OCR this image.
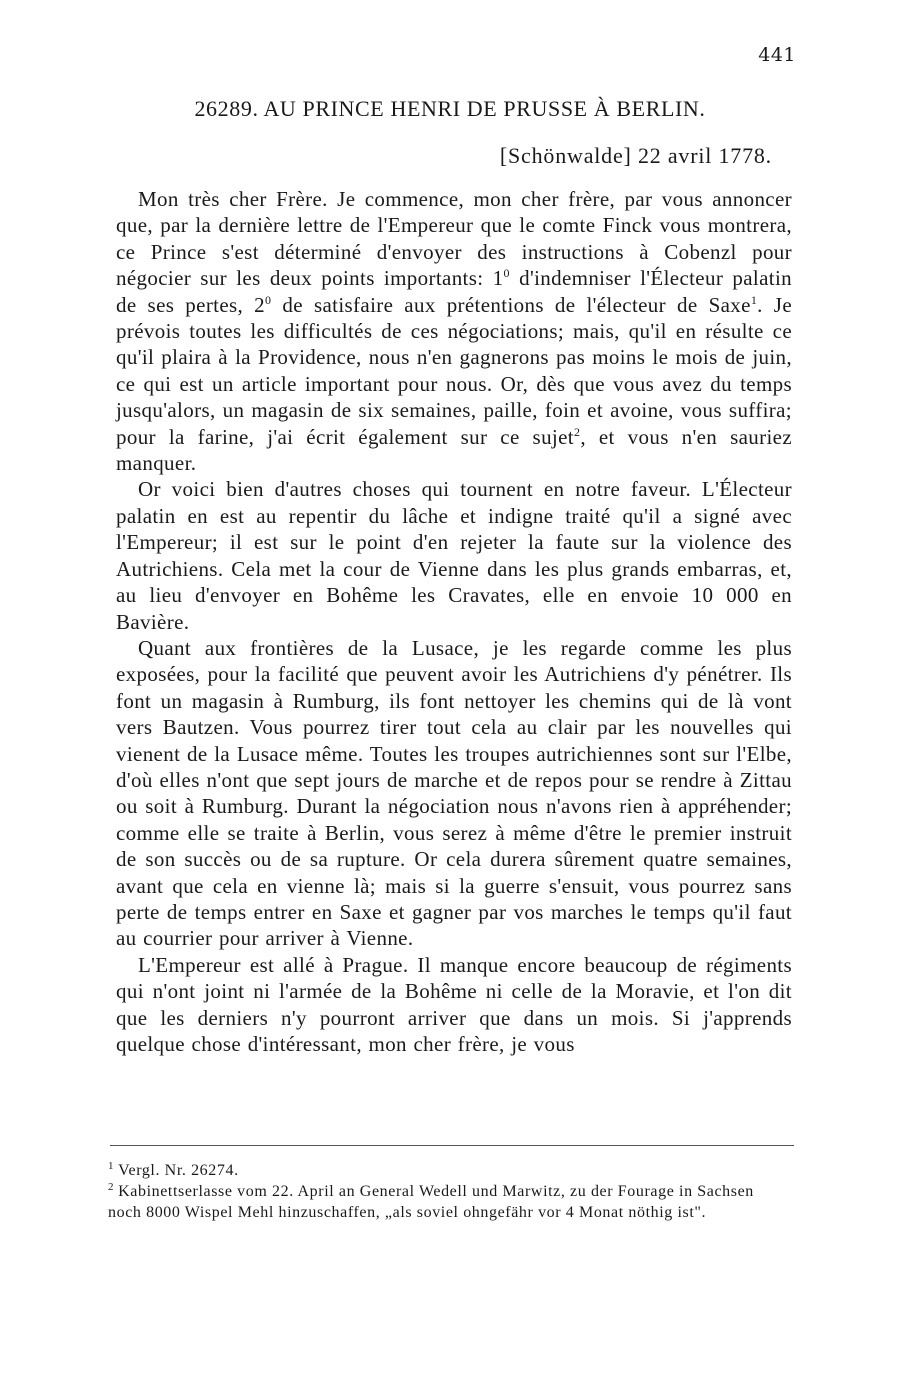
441
26289. AU PRINCE HENRI DE PRUSSE À BERLIN.
[Schönwalde] 22 avril 1778.

Mon très cher Frère. Je commence, mon cher frère, par vous annoncer que, par la dernière lettre de l'Empereur que le comte Finck vous montrera, ce Prince s'est déterminé d'envoyer des instructions à Cobenzl pour négocier sur les deux points importants: $1^0$ d'indemniser l'Électeur palatin de ses pertes, $2^0$ de satisfaire aux prétentions de l'électeur de Saxe$^1$. Je prévois toutes les difficultés de ces négociations; mais, qu'il en résulte ce qu'il plaira à la Providence, nous n'en gagnerons pas moins le mois de juin, ce qui est un article important pour nous. Or, dès que vous avez du temps jusqu'alors, un magasin de six semaines, paille, foin et avoine, vous suffira; pour la farine, j'ai écrit également sur ce sujet$^2$, et vous n'en sauriez manquer.

Or voici bien d'autres choses qui tournent en notre faveur. L'Électeur palatin en est au repentir du lâche et indigne traité qu'il a signé avec l'Empereur; il est sur le point d'en rejeter la faute sur la violence des Autrichiens. Cela met la cour de Vienne dans les plus grands embarras, et, au lieu d'envoyer en Bohême les Cravates, elle en envoie 10 000 en Bavière.

Quant aux frontières de la Lusace, je les regarde comme les plus exposées, pour la facilité que peuvent avoir les Autrichiens d'y pénétrer. Ils font un magasin à Rumburg, ils font nettoyer les chemins qui de là vont vers Bautzen. Vous pourrez tirer tout cela au clair par les nouvelles qui vienent de la Lusace même. Toutes les troupes autrichiennes sont sur l'Elbe, d'où elles n'ont que sept jours de marche et de repos pour se rendre à Zittau ou soit à Rumburg. Durant la négociation nous n'avons rien à appréhender; comme elle se traite à Berlin, vous serez à même d'être le premier instruit de son succès ou de sa rupture. Or cela durera sûrement quatre semaines, avant que cela en vienne là; mais si la guerre s'ensuit, vous pourrez sans perte de temps entrer en Saxe et gagner par vos marches le temps qu'il faut au courrier pour arriver à Vienne.

L'Empereur est allé à Prague. Il manque encore beaucoup de régiments qui n'ont joint ni l'armée de la Bohême ni celle de la Moravie, et l'on dit que les derniers n'y pourront arriver que dans un mois. Si j'apprends quelque chose d'intéressant, mon cher frère, je vous

$^1$ Vergl. Nr. 26274.

$^2$ Kabinettserlasse vom 22. April an General Wedell und Marwitz, zu der Fourage in Sachsen noch 8000 Wispel Mehl hinzuschaffen, „als soviel ohngefähr vor 4 Monat nöthig ist".
